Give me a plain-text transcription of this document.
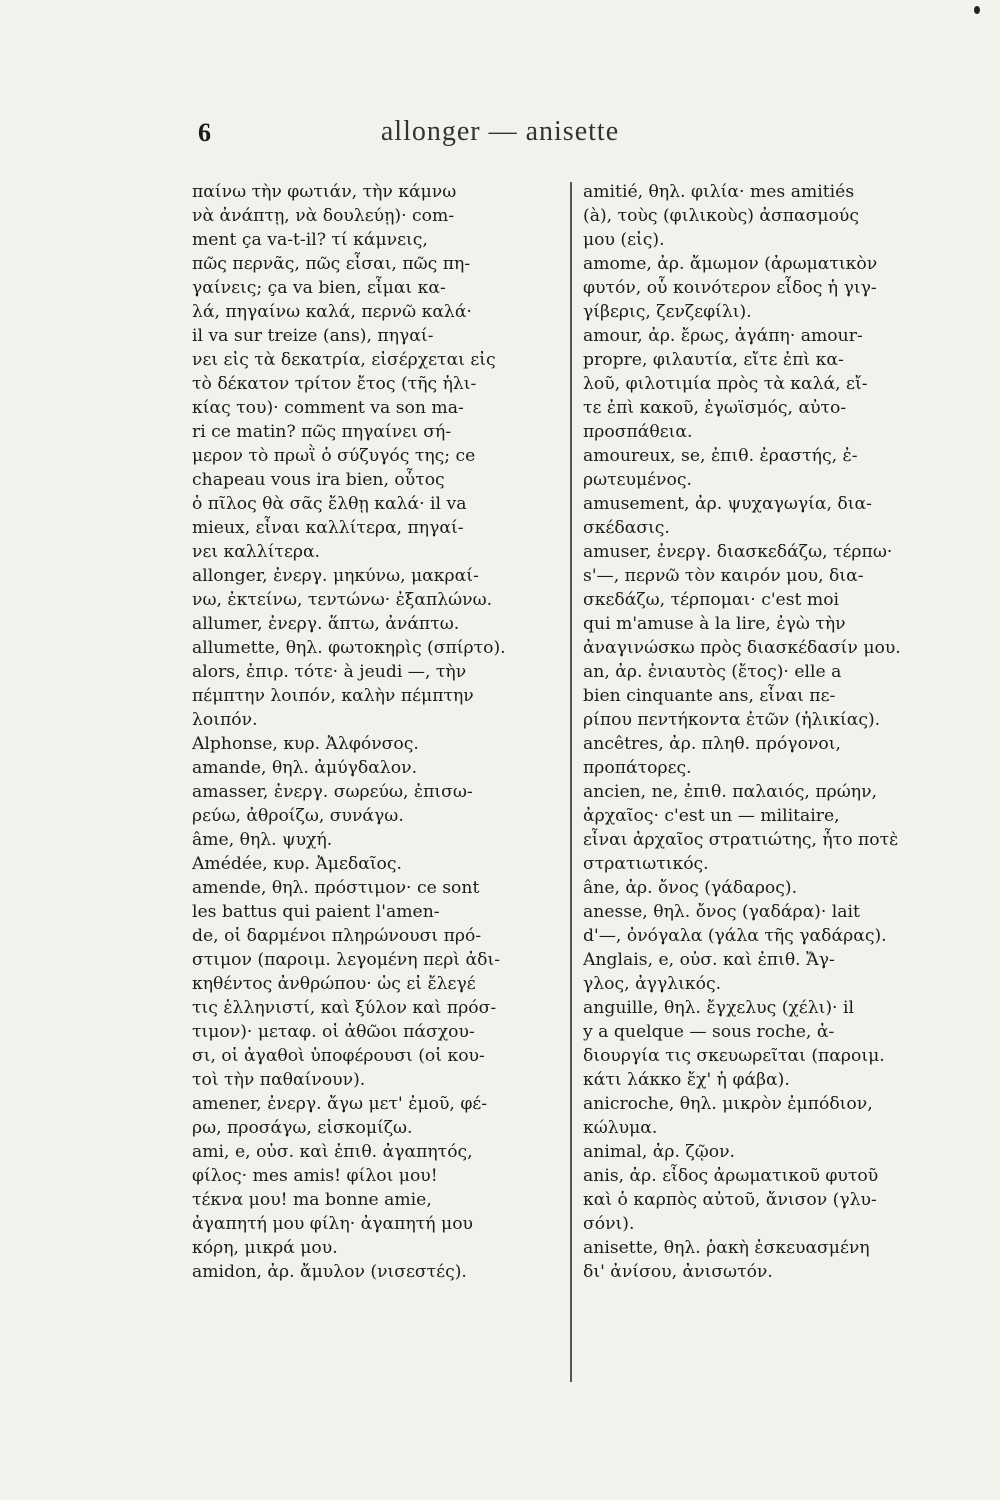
6	allonger — anisette
παίνω τὴν φωτιάν, τὴν κάμνω
νὰ ἀνάπτῃ, νὰ δουλεύῃ)· com-
ment ça va-t-il? τί κάμνεις,
πῶς περνᾶς, πῶς εἶσαι, πῶς πη-
γαίνεις; ça va bien, εἶμαι κα-
λά, πηγαίνω καλά, περνῶ καλά·
il va sur treize (ans), πηγαί-
νει εἰς τὰ δεκατρία, εἰσέρχεται εἰς
τὸ δέκατον τρίτον ἔτος (τῆς ἡλι-
κίας του)· comment va son ma-
ri ce matin? πῶς πηγαίνει σή-
μερον τὸ πρωῒ ὁ σύζυγός της; ce
chapeau vous ira bien, οὗτος
ὁ πῖλος θὰ σᾶς ἔλθῃ καλά· il va
mieux, εἶναι καλλίτερα, πηγαί-
νει καλλίτερα.
allonger, ἐνεργ. μηκύνω, μακραί-
νω, ἐκτείνω, τεντώνω· ἐξαπλώνω.
allumer, ἐνεργ. ἅπτω, ἀνάπτω.
allumette, θηλ. φωτοκηρὶς (σπίρτο).
alors, ἐπιρ. τότε· à jeudi —, τὴν
πέμπτην λοιπόν, καλὴν πέμπτην
λοιπόν.
Alphonse, κυρ. Ἀλφόνσος.
amande, θηλ. ἀμύγδαλον.
amasser, ἐνεργ. σωρεύω, ἐπισω-
ρεύω, ἀθροίζω, συνάγω.
âme, θηλ. ψυχή.
Amédée, κυρ. Ἀμεδαῖος.
amende, θηλ. πρόστιμον· ce sont
les battus qui paient l'amen-
de, οἱ δαρμένοι πληρώνουσι πρό-
στιμον (παροιμ. λεγομένη περὶ ἀδι-
κηθέντος ἀνθρώπου· ὡς εἰ ἔλεγέ
τις ἑλληνιστί, καὶ ξύλον καὶ πρόσ-
τιμον)· μεταφ. οἱ ἀθῶοι πάσχου-
σι, οἱ ἀγαθοὶ ὑποφέρουσι (οἱ κου-
τοὶ τὴν παθαίνουν).
amener, ἐνεργ. ἄγω μετ' ἐμοῦ, φέ-
ρω, προσάγω, εἰσκομίζω.
ami, e, οὐσ. καὶ ἐπιθ. ἀγαπητός,
φίλος· mes amis! φίλοι μου!
τέκνα μου! ma bonne amie,
ἀγαπητή μου φίλη· ἀγαπητή μου
κόρη, μικρά μου.
amidon, ἀρ. ἄμυλον (νισεστές).
amitié, θηλ. φιλία· mes amitiés
(à), τοὺς (φιλικοὺς) ἀσπασμούς
μου (εἰς).
amome, ἀρ. ἄμωμον (ἀρωματικὸν
φυτόν, οὗ κοινότερον εἶδος ἡ γιγ-
γίβερις, ζενζεφίλι).
amour, ἀρ. ἔρως, ἀγάπη· amour-
propre, φιλαυτία, εἴτε ἐπὶ κα-
λοῦ, φιλοτιμία πρὸς τὰ καλά, εἴ-
τε ἐπὶ κακοῦ, ἐγωϊσμός, αὐτο-
προσπάθεια.
amoureux, se, ἐπιθ. ἐραστής, ἐ-
ρωτευμένος.
amusement, ἀρ. ψυχαγωγία, δια-
σκέδασις.
amuser, ἐνεργ. διασκεδάζω, τέρπω·
s'—, περνῶ τὸν καιρόν μου, δια-
σκεδάζω, τέρπομαι· c'est moi
qui m'amuse à la lire, ἐγὼ τὴν
ἀναγινώσκω πρὸς διασκέδασίν μου.
an, ἀρ. ἐνιαυτὸς (ἔτος)· elle a
bien cinquante ans, εἶναι πε-
ρίπου πεντήκοντα ἐτῶν (ἡλικίας).
ancêtres, ἀρ. πληθ. πρόγονοι,
προπάτορες.
ancien, ne, ἐπιθ. παλαιός, πρώην,
ἀρχαῖος· c'est un — militaire,
εἶναι ἀρχαῖος στρατιώτης, ἦτο ποτὲ
στρατιωτικός.
âne, ἀρ. ὄνος (γάδαρος).
anesse, θηλ. ὄνος (γαδάρα)· lait
d'—, ὀνόγαλα (γάλα τῆς γαδάρας).
Anglais, e, οὐσ. καὶ ἐπιθ. Ἄγ-
γλος, ἀγγλικός.
anguille, θηλ. ἔγχελυς (χέλι)· il
y a quelque — sous roche, ἀ-
διουργία τις σκευωρεῖται (παροιμ.
κάτι λάκκο ἔχ' ἡ φάβα).
anicroche, θηλ. μικρὸν ἐμπόδιον,
κώλυμα.
animal, ἀρ. ζῷον.
anis, ἀρ. εἶδος ἀρωματικοῦ φυτοῦ
καὶ ὁ καρπὸς αὐτοῦ, ἄνισον (γλυ-
σόνι).
anisette, θηλ. ῥακὴ ἐσκευασμένη
δι' ἀνίσου, ἀνισωτόν.
